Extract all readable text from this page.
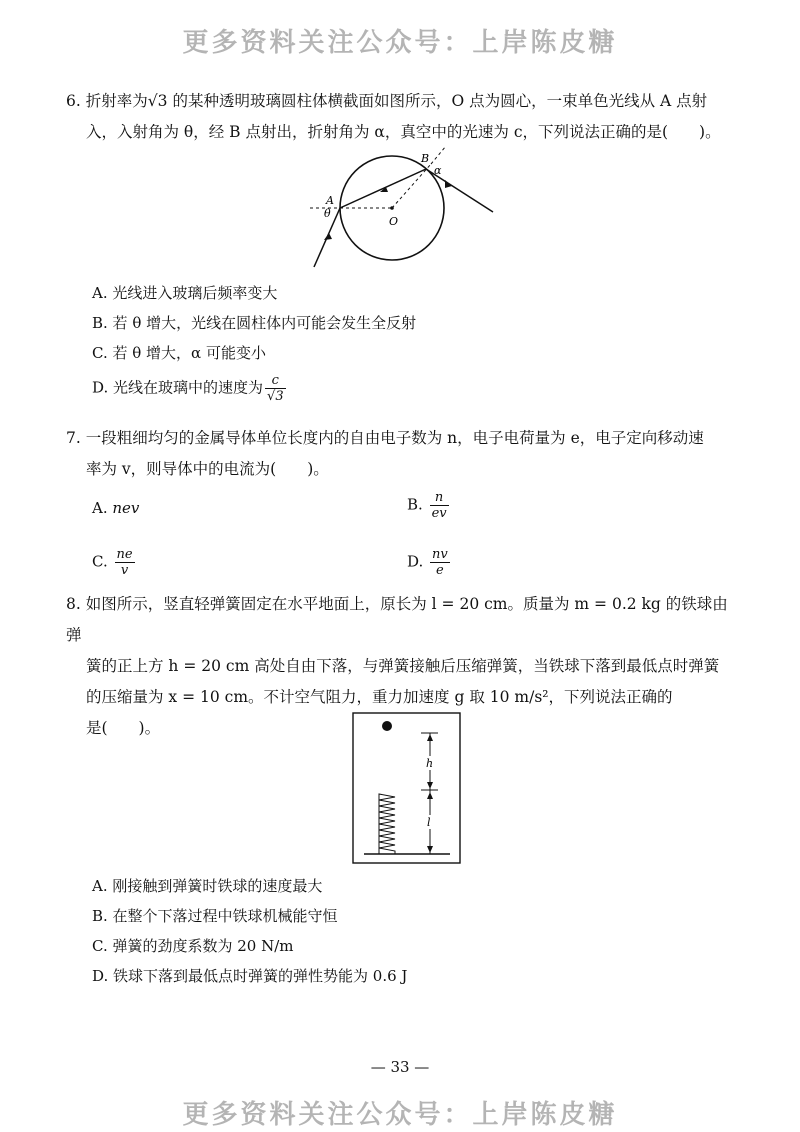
更多资料关注公众号：上岸陈皮糖
6. 折射率为√3 的某种透明玻璃圆柱体横截面如图所示，O 点为圆心，一束单色光线从 A 点射
入，入射角为 θ，经 B 点射出，折射角为 α，真空中的光速为 c，下列说法正确的是(　　)。
A
θ
O
B
α
A. 光线进入玻璃后频率变大
B. 若 θ 增大，光线在圆柱体内可能会发生全反射
C. 若 θ 增大，α 可能变小
D. 光线在玻璃中的速度为 $\frac{c}{√3}$
7. 一段粗细均匀的金属导体单位长度内的自由电子数为 n，电子电荷量为 e，电子定向移动速
率为 v，则导体中的电流为(　　)。
A. nev	B. $\frac{n}{ev}$
C. $\frac{ne}{v}$	D. $\frac{nv}{e}$
8. 如图所示，竖直轻弹簧固定在水平地面上，原长为 l = 20 cm。质量为 m = 0.2 kg 的铁球由弹
簧的正上方 h = 20 cm 高处自由下落，与弹簧接触后压缩弹簧，当铁球下落到最低点时弹簧
的压缩量为 x = 10 cm。不计空气阻力，重力加速度 g 取 10 m/s²，下列说法正确的
是(　　)。
h
l
A. 刚接触到弹簧时铁球的速度最大
B. 在整个下落过程中铁球机械能守恒
C. 弹簧的劲度系数为 20 N/m
D. 铁球下落到最低点时弹簧的弹性势能为 0.6 J
— 33 —
更多资料关注公众号：上岸陈皮糖
